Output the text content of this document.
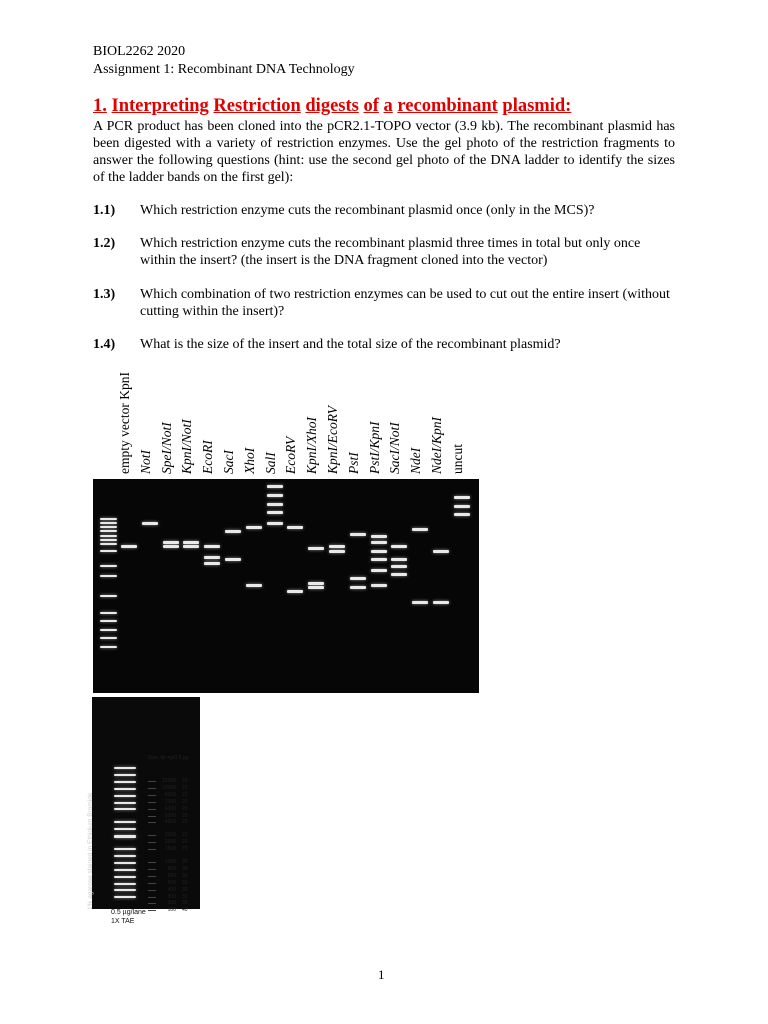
BIOL2262 2020
Assignment 1: Recombinant DNA Technology
1. Interpreting Restriction digests of a recombinant plasmid:
A PCR product has been cloned into the pCR2.1-TOPO vector (3.9 kb). The recombinant plasmid has been digested with a variety of restriction enzymes. Use the gel photo of the restriction fragments to answer the following questions (hint: use the second gel photo of the DNA ladder to identify the sizes of the ladder bands on the first gel):
1.1) Which restriction enzyme cuts the recombinant plasmid once (only in the MCS)?
1.2) Which restriction enzyme cuts the recombinant plasmid three times in total but only once within the insert? (the insert is the DNA fragment cloned into the vector)
1.3) Which combination of two restriction enzymes can be used to cut out the entire insert (without cutting within the insert)?
1.4) What is the size of the insert and the total size of the recombinant plasmid?
empty vector KpnI NotI SpeI/NotI KpnI/NotI EcoRI SacI XhoI SalI EcoRV KpnI/XhoI KpnI/EcoRV PstI PstI/KpnI SacI/NotI NdeI NdeI/KpnI uncut
1% agarose stained in Ethidium Bromide
Size, bp ng/0.5 µg
15000 20
10000 20
8000 20
7000 20
6000 20
5000 20
4000 20
3000 20
2000 20
1500 70
1000 30
850 30
650 30
500 30
400 30
300 30
200 30
100 40
0.5 µg/lane
1X TAE
1
